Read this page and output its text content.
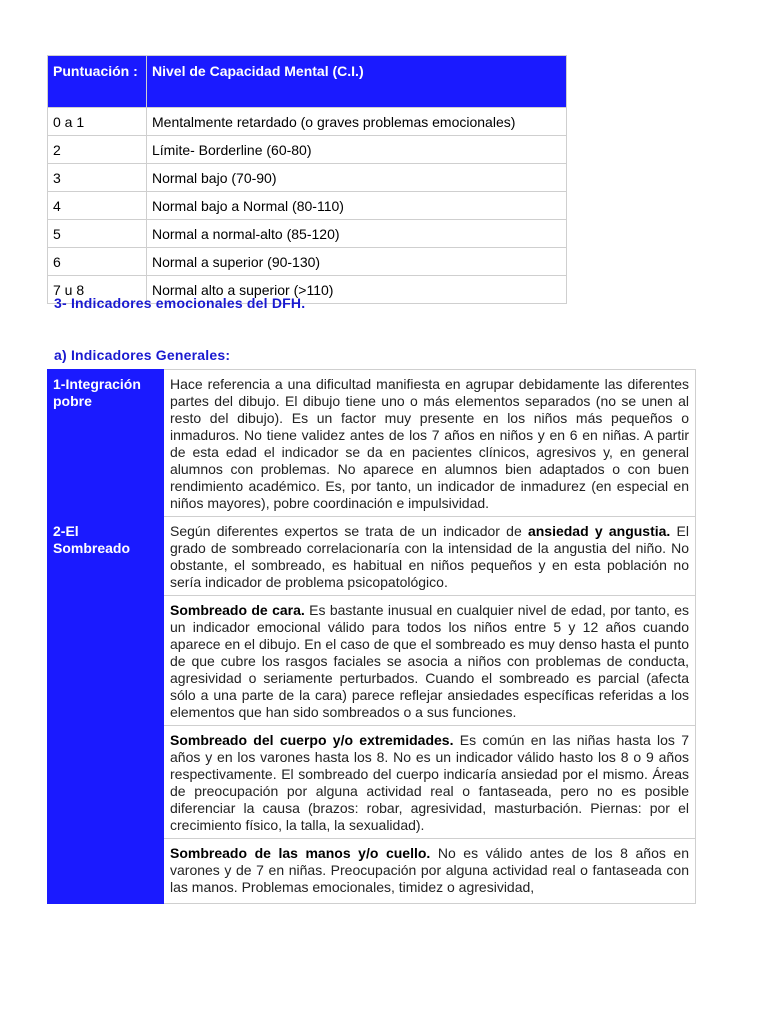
Puntuación :	Nivel de Capacidad Mental (C.I.)
0 a 1	Mentalmente retardado (o graves problemas emocionales)
2	Límite- Borderline (60-80)
3	Normal bajo (70-90)
4	Normal bajo a Normal (80-110)
5	Normal a normal-alto (85-120)
6	Normal a superior (90-130)
7 u 8	Normal alto a superior (>110)
3- Indicadores emocionales del DFH.
a) Indicadores Generales:
1-Integración pobre	Hace referencia a una dificultad manifiesta en agrupar debidamente las diferentes partes del dibujo. El dibujo tiene uno o más elementos separados (no se unen al resto del dibujo). Es un factor muy presente en los niños más pequeños o inmaduros. No tiene validez antes de los 7 años en niños y en 6 en niñas. A partir de esta edad el indicador se da en pacientes clínicos, agresivos y, en general alumnos con problemas. No aparece en alumnos bien adaptados o con buen rendimiento académico. Es, por tanto, un indicador de inmadurez (en especial en niños mayores), pobre coordinación e impulsividad.
2-El Sombreado	Según diferentes expertos se trata de un indicador de ansiedad y angustia. El grado de sombreado correlacionaría con la intensidad de la angustia del niño. No obstante, el sombreado, es habitual en niños pequeños y en esta población no sería indicador de problema psicopatológico.
	Sombreado de cara. Es bastante inusual en cualquier nivel de edad, por tanto, es un indicador emocional válido para todos los niños entre 5 y 12 años cuando aparece en el dibujo. En el caso de que el sombreado es muy denso hasta el punto de que cubre los rasgos faciales se asocia a niños con problemas de conducta, agresividad o seriamente perturbados. Cuando el sombreado es parcial (afecta sólo a una parte de la cara) parece reflejar ansiedades específicas referidas a los elementos que han sido sombreados o a sus funciones.
	Sombreado del cuerpo y/o extremidades. Es común en las niñas hasta los 7 años y en los varones hasta los 8. No es un indicador válido hasto los 8 o 9 años respectivamente. El sombreado del cuerpo indicaría ansiedad por el mismo. Áreas de preocupación por alguna actividad real o fantaseada, pero no es posible diferenciar la causa (brazos: robar, agresividad, masturbación. Piernas: por el crecimiento físico, la talla, la sexualidad).

	Sombreado de las manos y/o cuello. No es válido antes de los 8 años en varones y de 7 en niñas. Preocupación por alguna actividad real o fantaseada con las manos. Problemas emocionales, timidez o agresividad,
